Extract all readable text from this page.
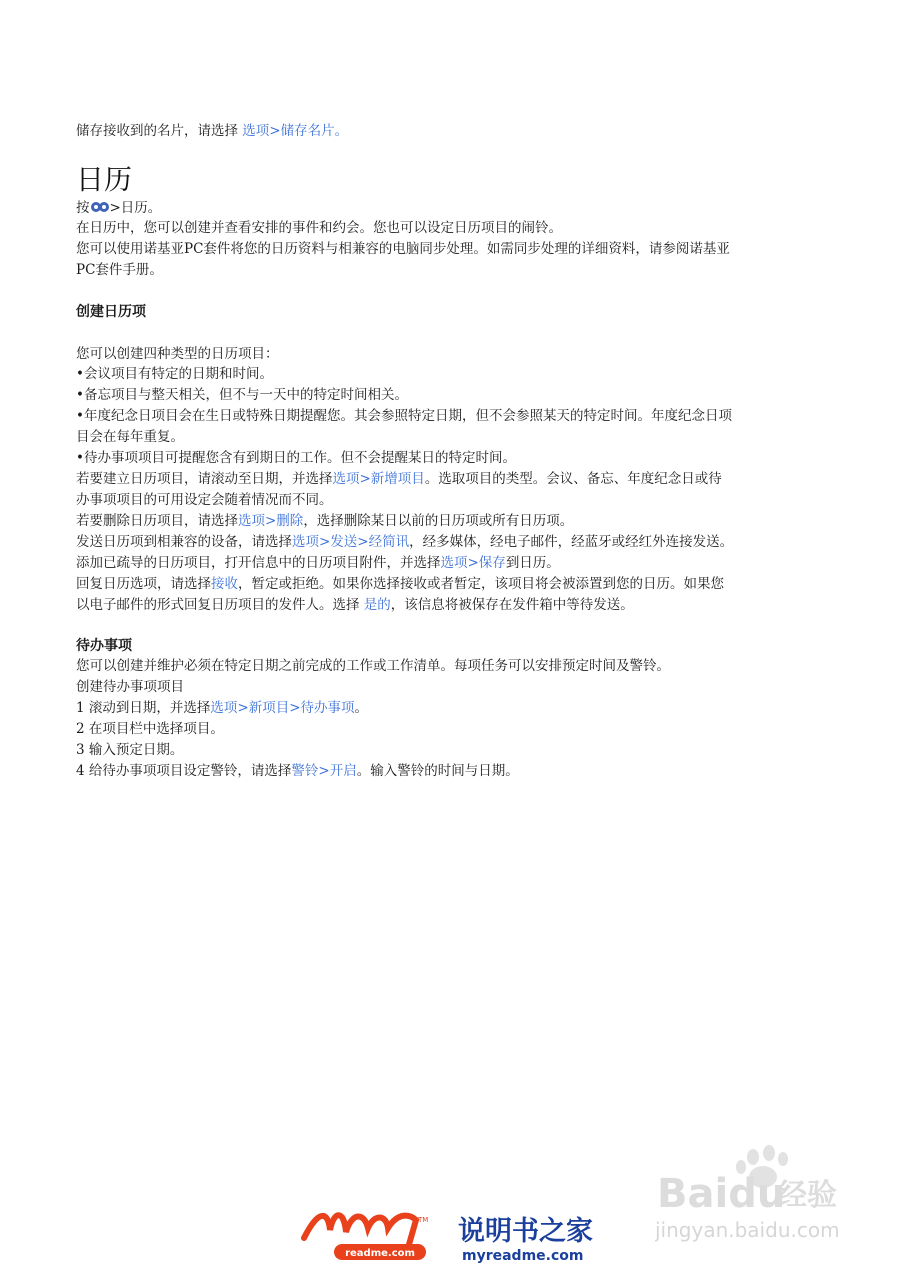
储存接收到的名片，请选择 选项>储存名片。
日历
按 >日历。
在日历中，您可以创建并查看安排的事件和约会。您也可以设定日历项目的闹铃。
您可以使用诺基亚PC套件将您的日历资料与相兼容的电脑同步处理。如需同步处理的详细资料，请参阅诺基亚
PC套件手册。
创建日历项
您可以创建四种类型的日历项目：
•会议项目有特定的日期和时间。
•备忘项目与整天相关，但不与一天中的特定时间相关。
•年度纪念日项目会在生日或特殊日期提醒您。其会参照特定日期，但不会参照某天的特定时间。年度纪念日项
目会在每年重复。
•待办事项项目可提醒您含有到期日的工作。但不会提醒某日的特定时间。
若要建立日历项目，请滚动至日期，并选择选项>新增项目。选取项目的类型。会议、备忘、年度纪念日或待
办事项项目的可用设定会随着情况而不同。
若要删除日历项目，请选择选项>删除，选择删除某日以前的日历项或所有日历项。
发送日历项到相兼容的设备，请选择选项>发送>经简讯，经多媒体，经电子邮件，经蓝牙或经红外连接发送。
添加已疏导的日历项目，打开信息中的日历项目附件，并选择选项>保存到日历。
回复日历选项，请选择接收，暂定或拒绝。如果你选择接收或者暂定，该项目将会被添置到您的日历。如果您
以电子邮件的形式回复日历项目的发件人。选择 是的，该信息将被保存在发件箱中等待发送。
待办事项
您可以创建并维护必须在特定日期之前完成的工作或工作清单。每项任务可以安排预定时间及警铃。
创建待办事项项目
1 滚动到日期，并选择选项>新项目>待办事项。
2 在项目栏中选择项目。
3 输入预定日期。
4 给待办事项项目设定警铃，请选择警铃>开启。输入警铃的时间与日期。
Baidu
经验
jingyan.baidu.com
TM
readme.com
说明书之家
myreadme.com
